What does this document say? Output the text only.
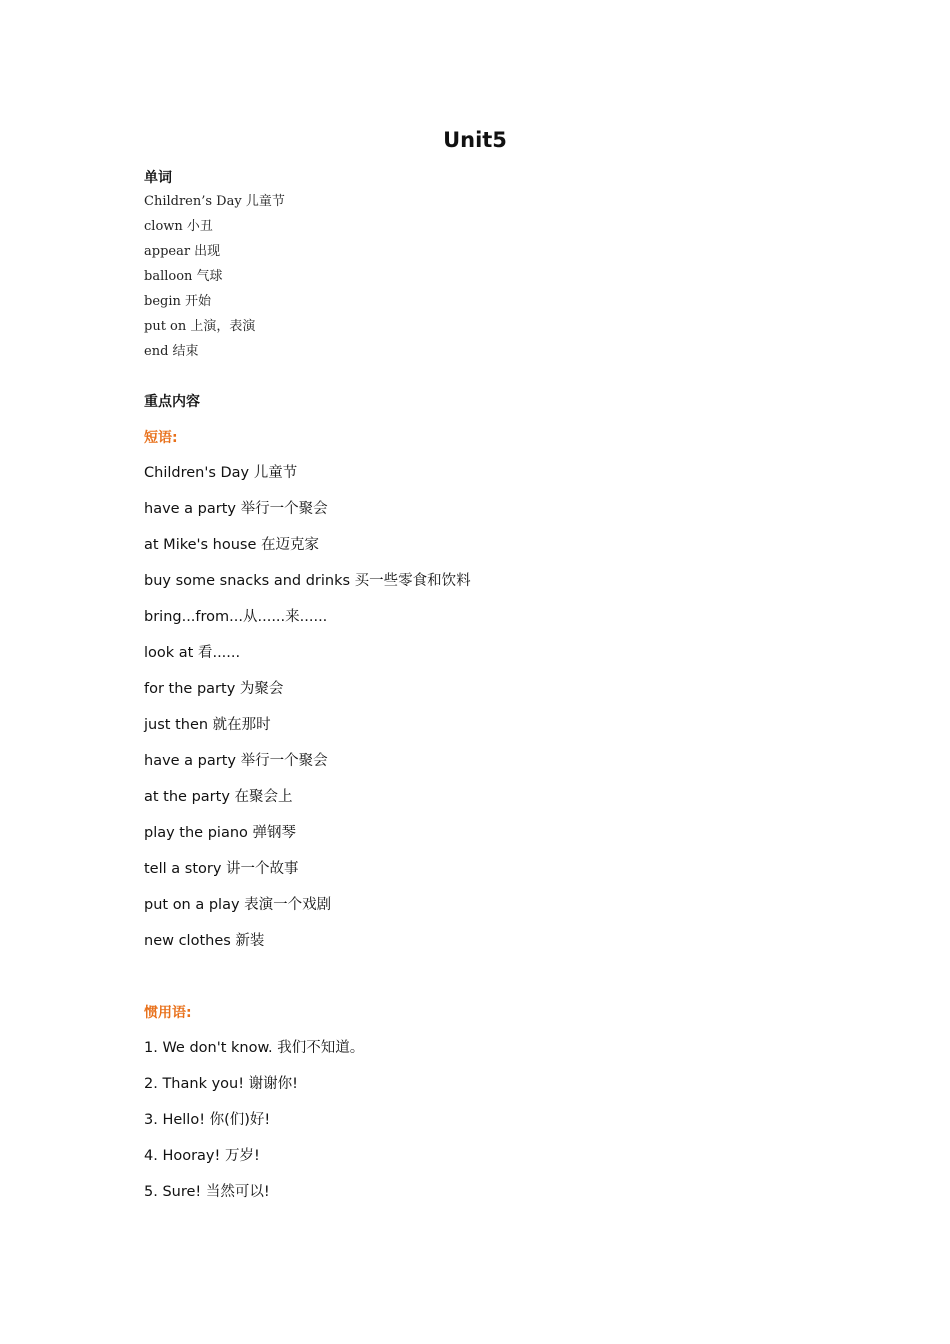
Unit5
单词
Children’s Day 儿童节
clown 小丑
appear 出现
balloon 气球
begin 开始
put on 上演，表演
end 结束
重点内容
短语:
Children's Day 儿童节
have a party 举行一个聚会
at Mike's house 在迈克家
buy some snacks and drinks 买一些零食和饮料
bring...from...从......来......
look at 看......
for the party 为聚会
just then 就在那时
have a party 举行一个聚会
at the party 在聚会上
play the piano 弹钢琴
tell a story 讲一个故事
put on a play 表演一个戏剧
new clothes 新装
惯用语:
1. We don't know. 我们不知道。
2. Thank you! 谢谢你!
3. Hello! 你(们)好!
4. Hooray! 万岁!
5. Sure! 当然可以!
